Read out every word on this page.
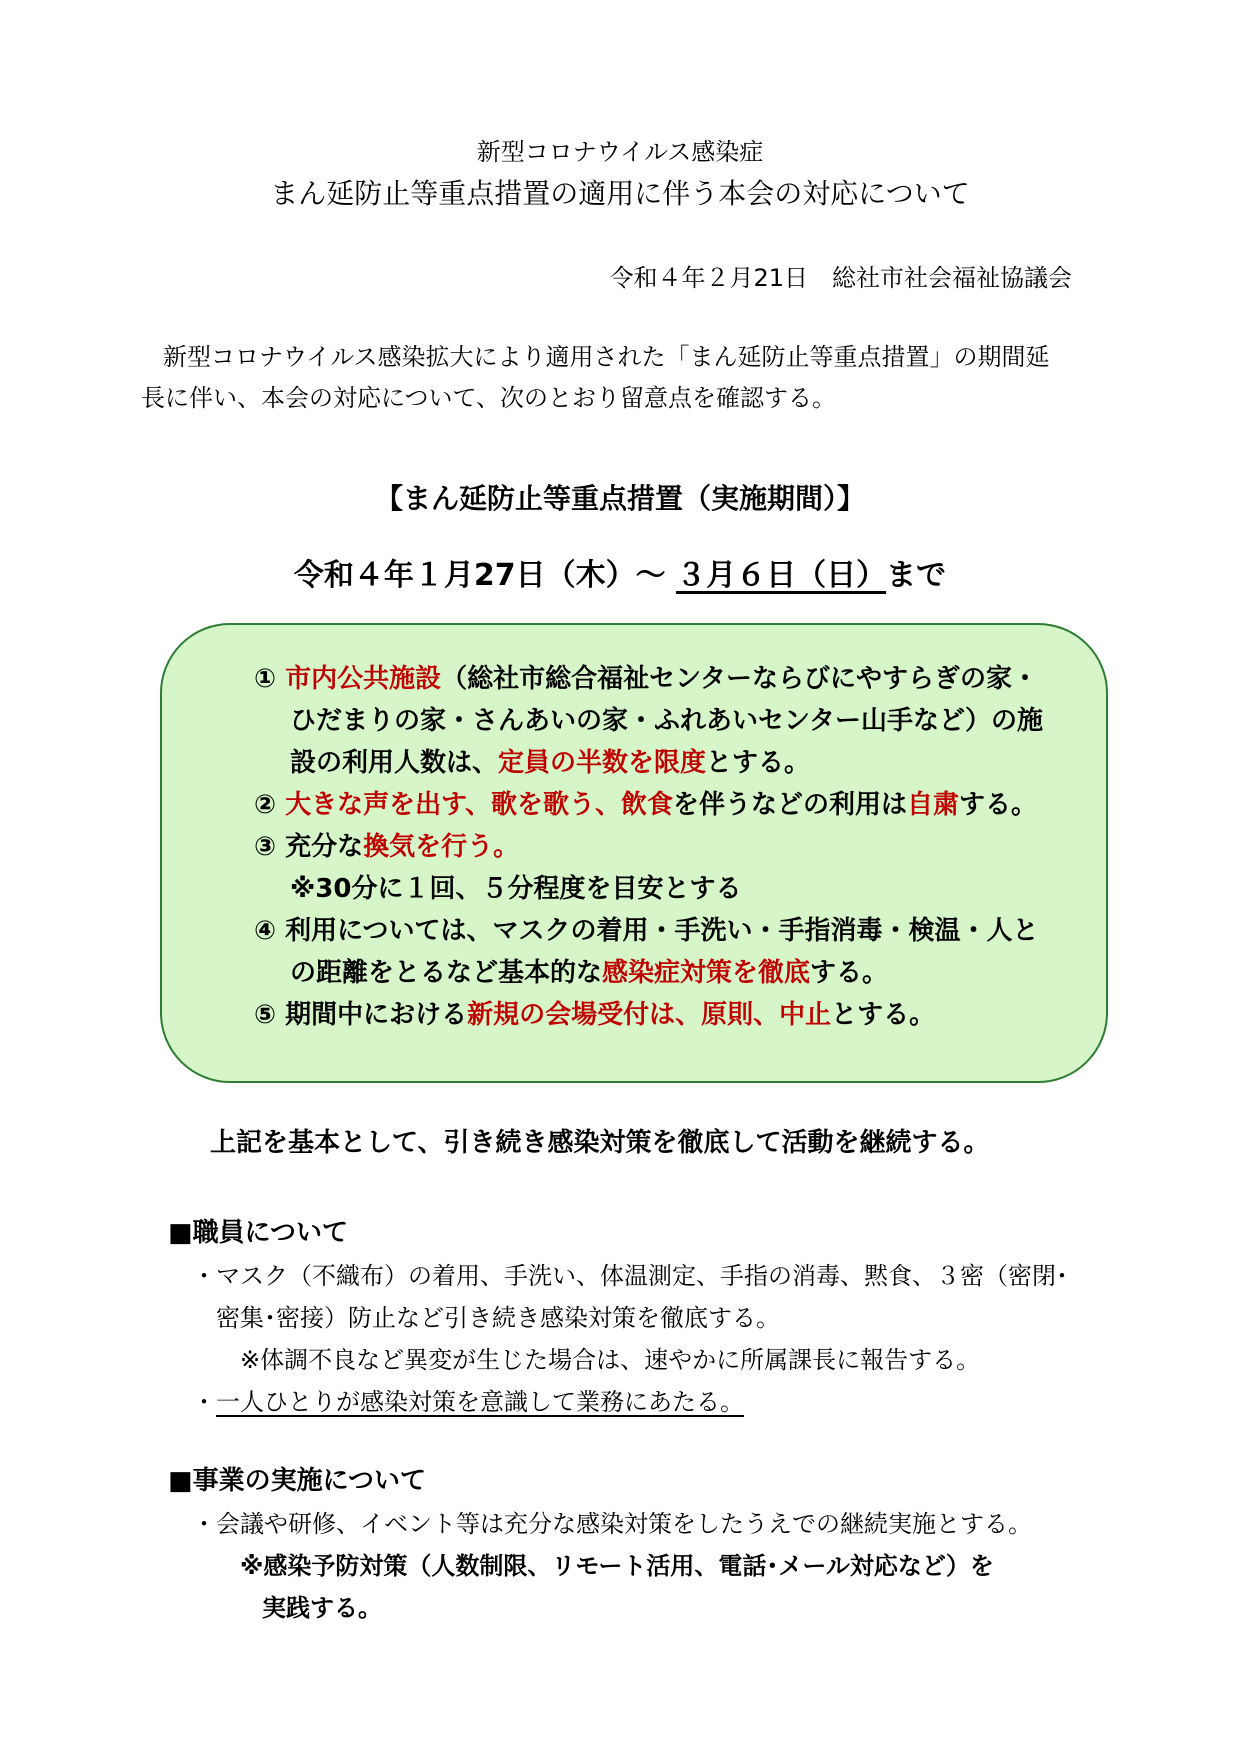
新型コロナウイルス感染症
まん延防止等重点措置の適用に伴う本会の対応について
令和４年２月21日　総社市社会福祉協議会
新型コロナウイルス感染拡大により適用された「まん延防止等重点措置」の期間延
長に伴い、本会の対応について、次のとおり留意点を確認する。
【まん延防止等重点措置（実施期間）】
令和４年１月27日（木）～ ３月６日（日）まで
① 市内公共施設（総社市総合福祉センターならびにやすらぎの家・
ひだまりの家・さんあいの家・ふれあいセンター山手など）の施
設の利用人数は、定員の半数を限度とする。
② 大きな声を出す、歌を歌う、飲食を伴うなどの利用は自粛する。
③ 充分な換気を行う。
※30分に１回、５分程度を目安とする
④ 利用については、マスクの着用・手洗い・手指消毒・検温・人と
の距離をとるなど基本的な感染症対策を徹底する。
⑤ 期間中における新規の会場受付は、原則、中止とする。
上記を基本として、引き続き感染対策を徹底して活動を継続する。
■職員について
・マスク（不織布）の着用、手洗い、体温測定、手指の消毒、黙食、３密（密閉･
密集･密接）防止など引き続き感染対策を徹底する。
※体調不良など異変が生じた場合は、速やかに所属課長に報告する。
・一人ひとりが感染対策を意識して業務にあたる。
■事業の実施について
・会議や研修、イベント等は充分な感染対策をしたうえでの継続実施とする。
※感染予防対策（人数制限、リモート活用、電話･メール対応など）を
実践する。
